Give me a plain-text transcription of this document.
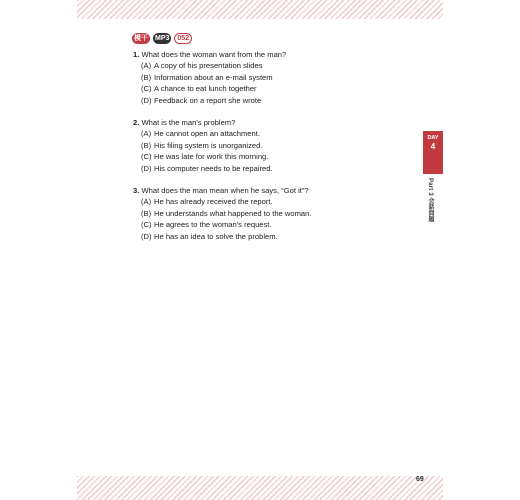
模干 MP3	052
1. What does the woman want from the man?
(A) A copy of his presentation slides
(B) Information about an e-mail system
(C) A chance to eat lunch together
(D) Feedback on a report she wrote
2. What is the man's problem?
(A) He cannot open an attachment.
(B) His filing system is unorganized.
(C) He was late for work this morning.
(D) His computer needs to be repaired.
3. What does the man mean when he says, “Got it”?
(A) He has already received the report.
(B) He understands what happened to the woman.
(C) He agrees to the woman's request.
(D) He has an idea to solve the problem.
DAY
4
Part 3 会話問題
69
